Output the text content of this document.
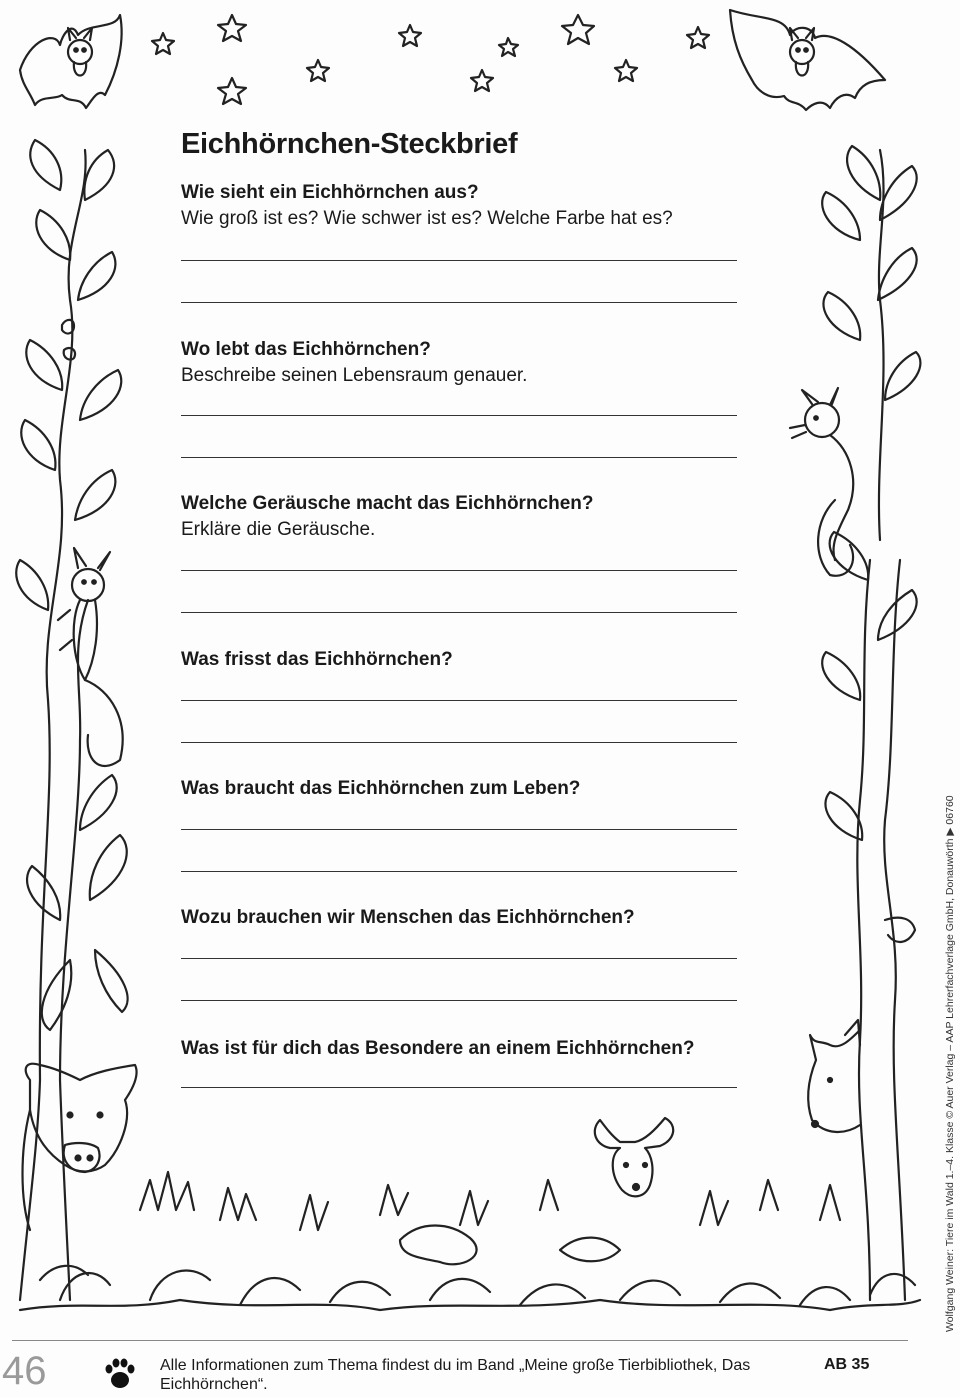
Eichhörnchen-Steckbrief
Wie sieht ein Eichhörnchen aus?
Wie groß ist es? Wie schwer ist es? Welche Farbe hat es?
Wo lebt das Eichhörnchen?
Beschreibe seinen Lebensraum genauer.
Welche Geräusche macht das Eichhörnchen?
Erkläre die Geräusche.
Was frisst das Eichhörnchen?
Was braucht das Eichhörnchen zum Leben?
Wozu brauchen wir Menschen das Eichhörnchen?
Was ist für dich das Besondere an einem Eichhörnchen?	Wolfgang Weiner: Tiere im Wald 1.–4. Klasse © Auer Verlag – AAP Lehrerfachverlage GmbH, Donauwörth ▶ 06760
46	Alle Informationen zum Thema findest du im Band „Meine große Tierbibliothek, Das Eichhörnchen“.
AB 35
